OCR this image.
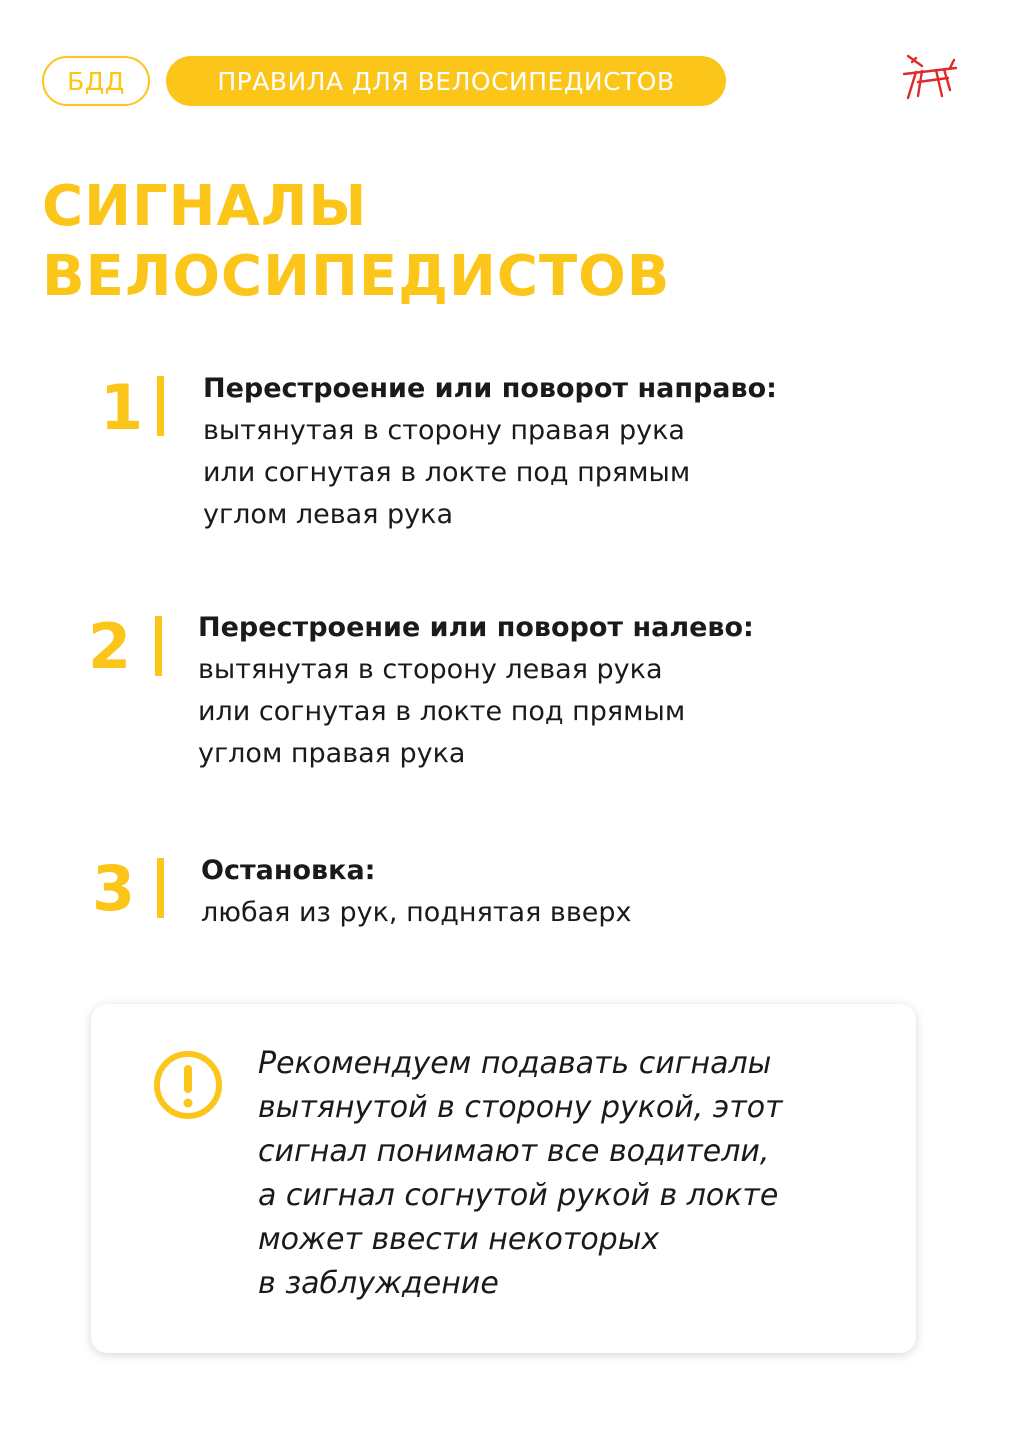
БДД	ПРАВИЛА ДЛЯ ВЕЛОСИПЕДИСТОВ
СИГНАЛЫ
ВЕЛОСИПЕДИСТОВ
1 Перестроение или поворот направо:
вытянутая в сторону правая рука
или согнутая в локте под прямым
углом левая рука
2 Перестроение или поворот налево:
вытянутая в сторону левая рука
или согнутая в локте под прямым
углом правая рука
3 Остановка:
любая из рук, поднятая вверх
Рекомендуем подавать сигналы
вытянутой в сторону рукой, этот
сигнал понимают все водители,
а сигнал согнутой рукой в локте
может ввести некоторых
в заблуждение
